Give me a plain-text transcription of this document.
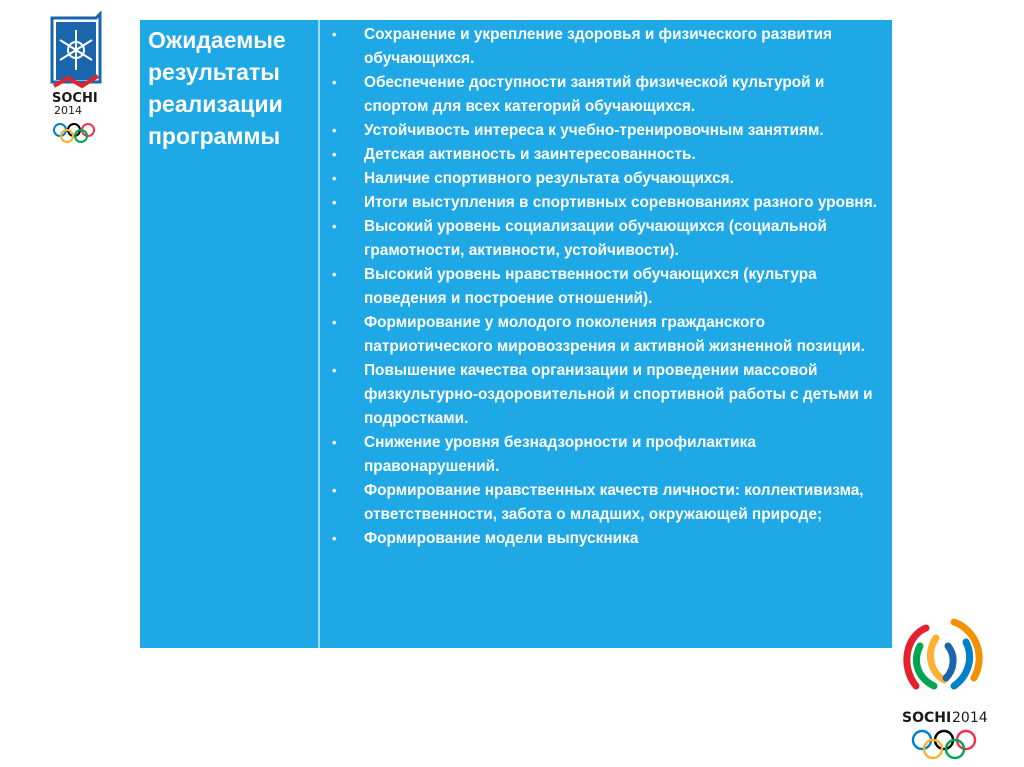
SOCHI
2014
Ожидаемые результаты реализации программы
• Сохранение и укрепление здоровья и физического развития обучающихся.
• Обеспечение доступности занятий физической культурой и спортом для всех категорий обучающихся.
• Устойчивость интереса к учебно-тренировочным занятиям.
• Детская активность и заинтересованность.
• Наличие спортивного результата обучающихся.
• Итоги выступления в спортивных соревнованиях разного уровня.
• Высокий уровень социализации обучающихся (социальной грамотности, активности, устойчивости).
• Высокий уровень нравственности обучающихся (культура поведения и построение отношений).
• Формирование у молодого поколения гражданского патриотического мировоззрения и активной жизненной позиции.
• Повышение качества организации и проведении массовой физкультурно-оздоровительной и спортивной работы с детьми и подростками.
• Снижение уровня безнадзорности и профилактика правонарушений.
• Формирование нравственных качеств личности: коллективизма, ответственности, забота о младших, окружающей природе;
• Формирование модели выпускника
SOCHI 2014
